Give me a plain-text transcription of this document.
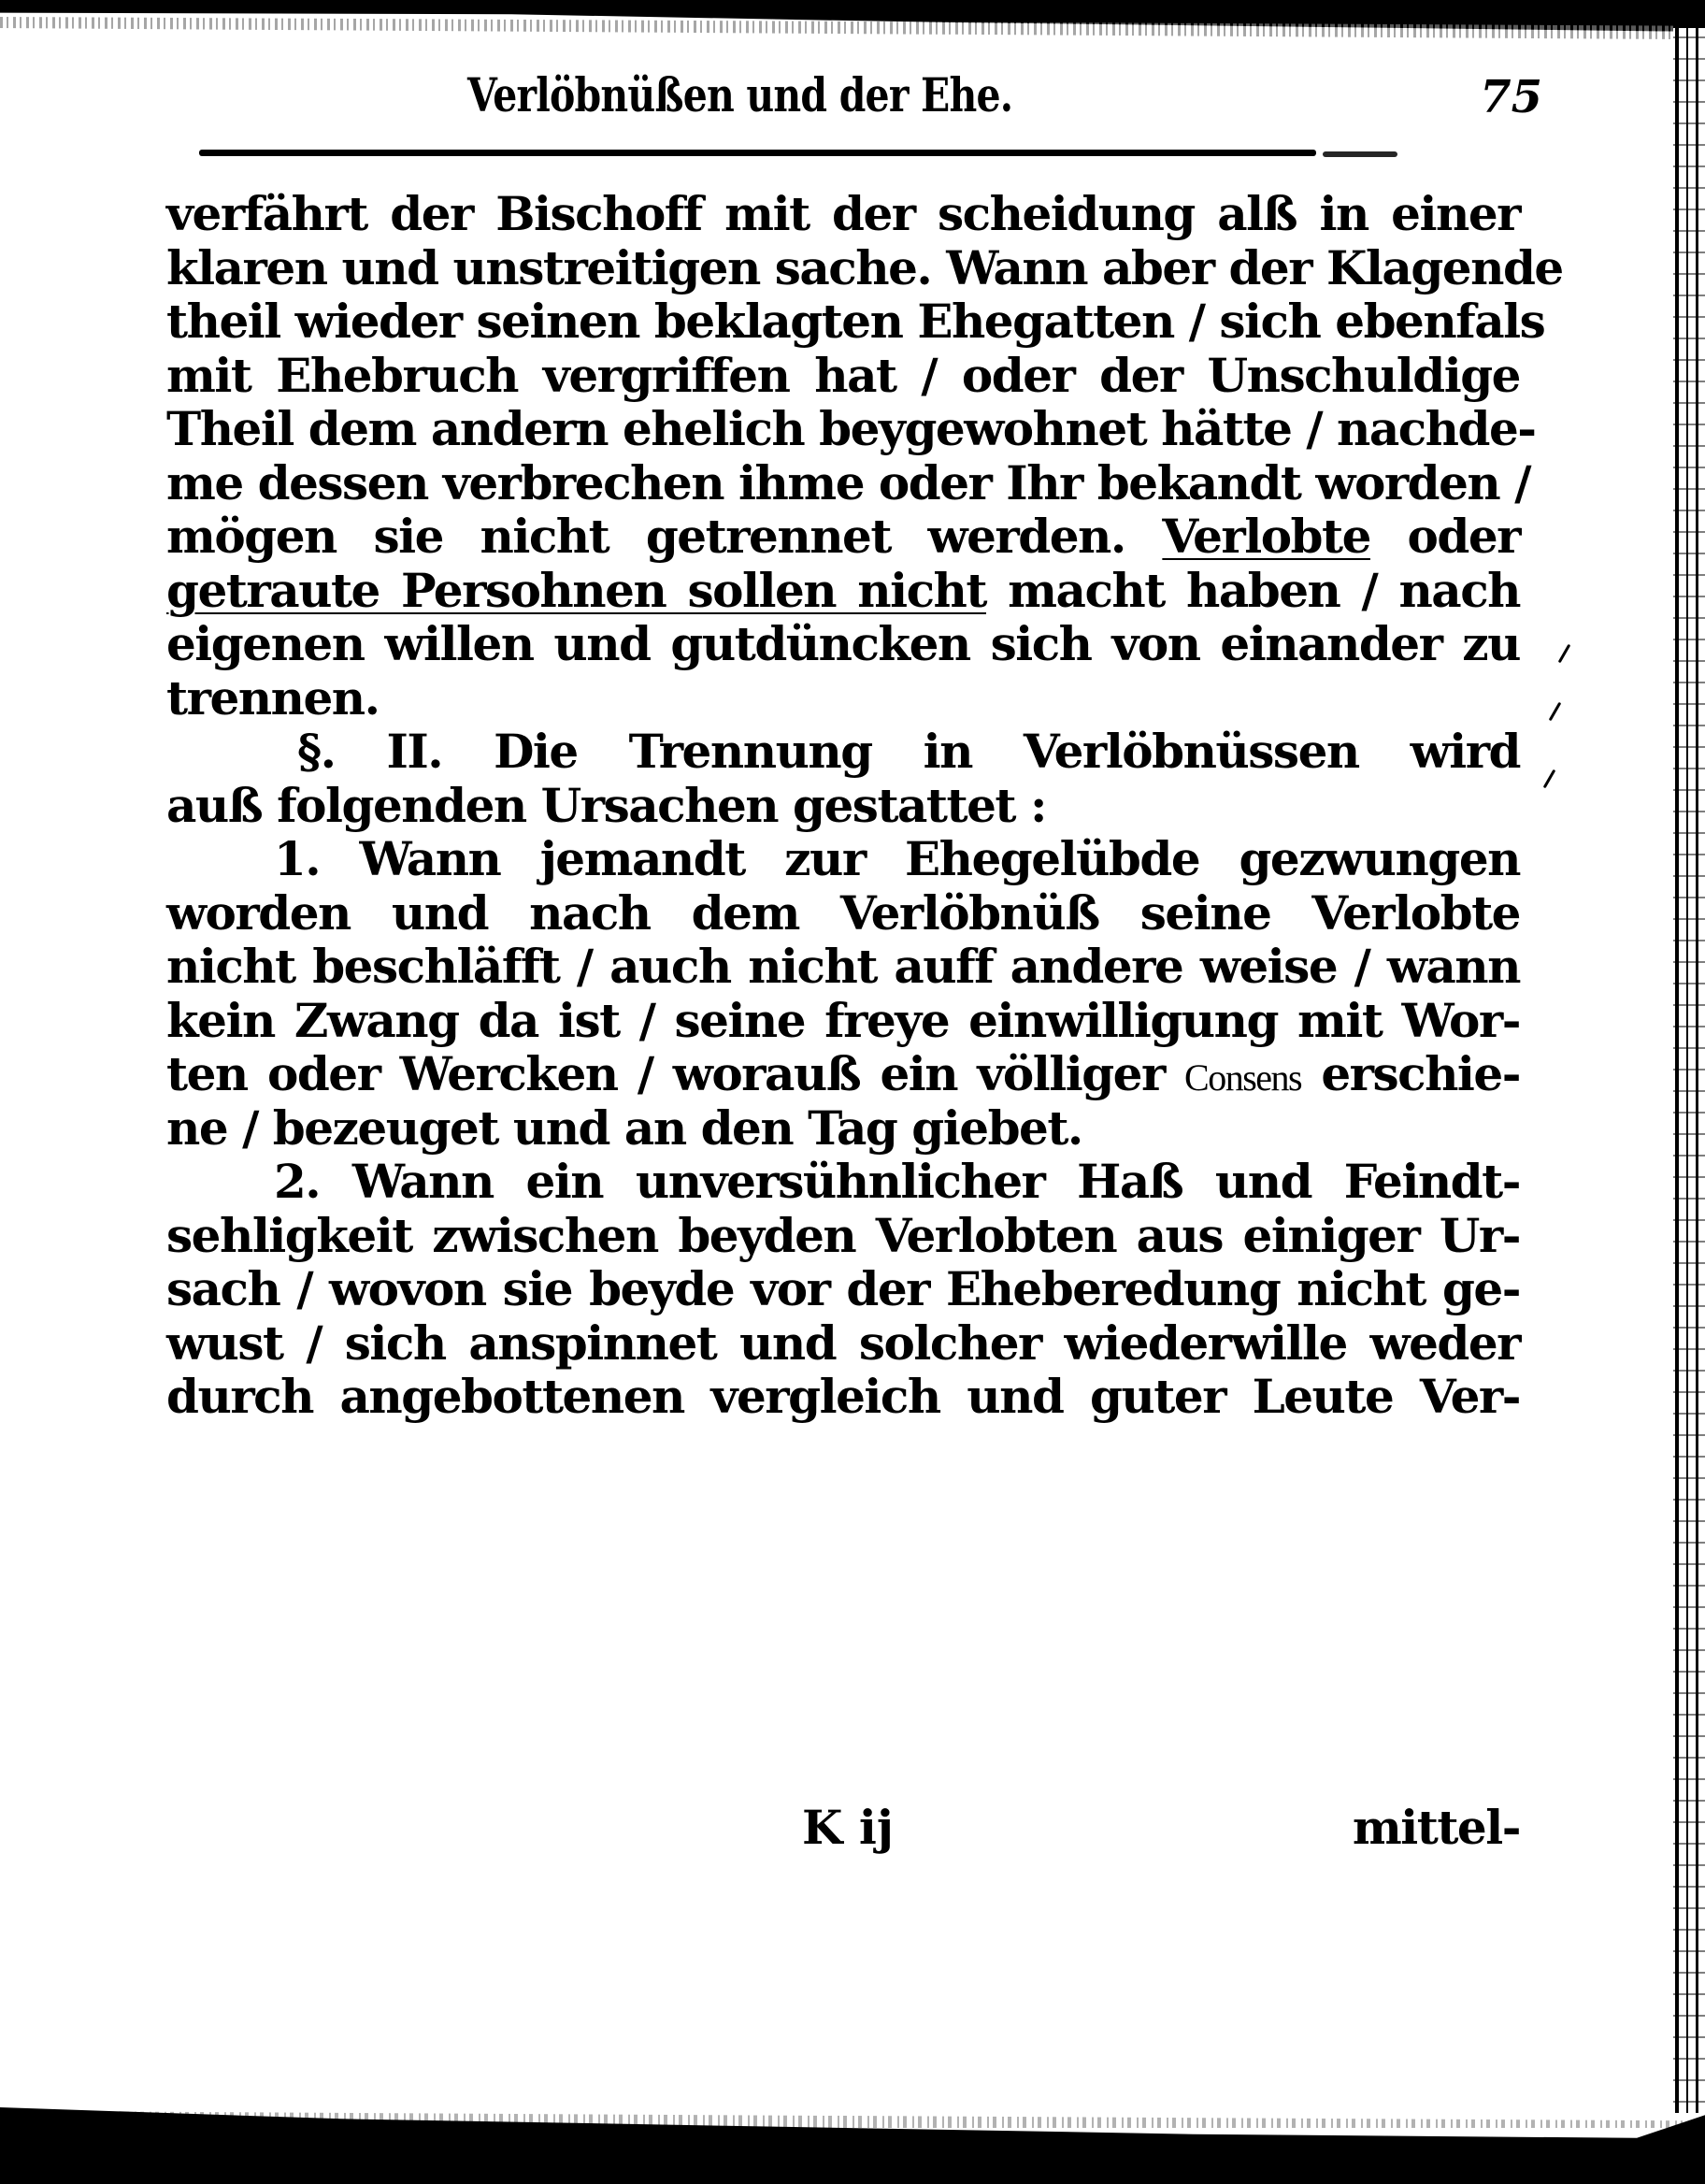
Verlöbnüßen und der Ehe.	75
verfährt der Bischoff mit der scheidung alß in einer
klaren und unstreitigen sache. Wann aber der Klagende
theil wieder seinen beklagten Ehegatten / sich ebenfals
mit Ehebruch vergriffen hat / oder der Unschuldige
Theil dem andern ehelich beygewohnet hätte / nachde-
me dessen verbrechen ihme oder Ihr bekandt worden /
mögen sie nicht getrennet werden. Verlobte oder
getraute Persohnen sollen nicht macht haben / nach
eigenen willen und gutdüncken sich von einander zu
trennen.
§. II. Die Trennung in Verlöbnüssen wird
auß folgenden Ursachen gestattet :
1. Wann jemandt zur Ehegelübde gezwungen
worden und nach dem Verlöbnüß seine Verlobte
nicht beschläfft / auch nicht auff andere weise / wann
kein Zwang da ist / seine freye einwilligung mit Wor-
ten oder Wercken / worauß ein völliger Consens erschie-
ne / bezeuget und an den Tag giebet.
2. Wann ein unversühnlicher Haß und Feindt-
sehligkeit zwischen beyden Verlobten aus einiger Ur-
sach / wovon sie beyde vor der Eheberedung nicht ge-
wust / sich anspinnet und solcher wiederwille weder
durch angebottenen vergleich und guter Leute Ver-
K ij	mittel-
